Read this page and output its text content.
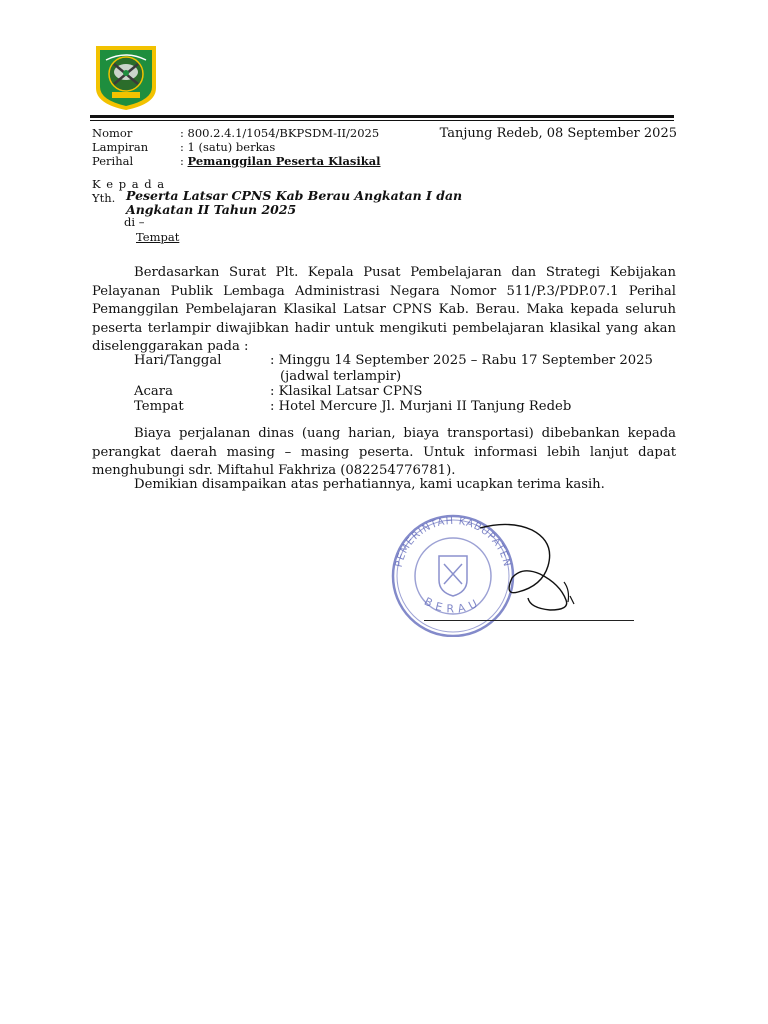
Nomor	: 800.2.4.1/1054/BKPSDM-II/2025
Lampiran	: 1 (satu) berkas
Perihal	: Pemanggilan Peserta Klasikal
Tanjung Redeb, 08 September 2025
K e p a d a
Yth. Peserta Latsar CPNS Kab Berau Angkatan I dan
Angkatan II Tahun 2025
di –
Tempat
Berdasarkan Surat Plt. Kepala Pusat Pembelajaran dan Strategi Kebijakan Pelayanan Publik Lembaga Administrasi Negara Nomor 511/P.3/PDP.07.1 Perihal Pemanggilan Pembelajaran Klasikal Latsar CPNS Kab. Berau. Maka kepada seluruh peserta terlampir diwajibkan hadir untuk mengikuti pembelajaran klasikal yang akan diselenggarakan pada :
Hari/Tanggal	: Minggu 14 September 2025 – Rabu 17 September 2025
(jadwal terlampir)
Acara	: Klasikal Latsar CPNS
Tempat	: Hotel Mercure Jl. Murjani II Tanjung Redeb
Biaya perjalanan dinas (uang harian, biaya transportasi) dibebankan kepada perangkat daerah masing – masing peserta. Untuk informasi lebih lanjut dapat menghubungi sdr. Miftahul Fakhriza (082254776781).
Demikian disampaikan atas perhatiannya, kami ucapkan terima kasih.
PEMERINTAH KABUPATEN
BERAU
